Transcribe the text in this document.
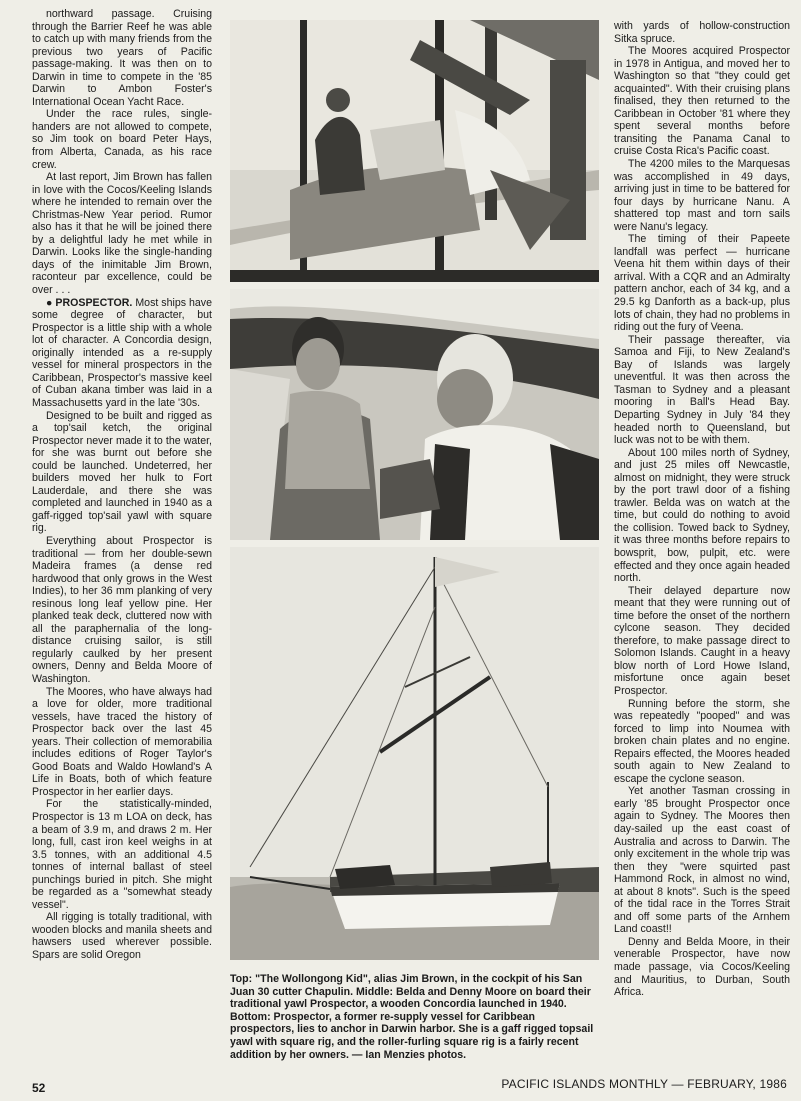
northward passage. Cruising through the Barrier Reef he was able to catch up with many friends from the previous two years of Pacific passage-making. It was then on to Darwin in time to compete in the '85 Darwin to Ambon Foster's International Ocean Yacht Race.

Under the race rules, single-handers are not allowed to compete, so Jim took on board Peter Hays, from Alberta, Canada, as his race crew.

At last report, Jim Brown has fallen in love with the Cocos/Keeling Islands where he intended to remain over the Christmas-New Year period. Rumor also has it that he will be joined there by a delightful lady he met while in Darwin. Looks like the single-handing days of the inimitable Jim Brown, raconteur par excellence, could be over . . .

● PROSPECTOR. Most ships have some degree of character, but Prospector is a little ship with a whole lot of character. A Concordia design, originally intended as a re-supply vessel for mineral prospectors in the Caribbean, Prospector's massive keel of Cuban akana timber was laid in a Massachusetts yard in the late '30s.

Designed to be built and rigged as a top'sail ketch, the original Prospector never made it to the water, for she was burnt out before she could be launched. Undeterred, her builders moved her hulk to Fort Lauderdale, and there she was completed and launched in 1940 as a gaff-rigged top'sail yawl with square rig.

Everything about Prospector is traditional — from her double-sewn Madeira frames (a dense red hardwood that only grows in the West Indies), to her 36 mm planking of very resinous long leaf yellow pine. Her planked teak deck, cluttered now with all the paraphernalia of the long-distance cruising sailor, is still regularly caulked by her present owners, Denny and Belda Moore of Washington.

The Moores, who have always had a love for older, more traditional vessels, have traced the history of Prospector back over the last 45 years. Their collection of memorabilia includes editions of Roger Taylor's Good Boats and Waldo Howland's A Life in Boats, both of which feature Prospector in her earlier days.

For the statistically-minded, Prospector is 13 m LOA on deck, has a beam of 3.9 m, and draws 2 m. Her long, full, cast iron keel weighs in at 3.5 tonnes, with an additional 4.5 tonnes of internal ballast of steel punchings buried in pitch. She might be regarded as a "somewhat steady vessel".

All rigging is totally traditional, with wooden blocks and manila sheets and hawsers used wherever possible. Spars are solid Oregon

with yards of hollow-construction Sitka spruce.

The Moores acquired Prospector in 1978 in Antigua, and moved her to Washington so that "they could get acquainted". With their cruising plans finalised, they then returned to the Caribbean in October '81 where they spent several months before transiting the Panama Canal to cruise Costa Rica's Pacific coast.

The 4200 miles to the Marquesas was accomplished in 49 days, arriving just in time to be battered for four days by hurricane Nanu. A shattered top mast and torn sails were Nanu's legacy.

The timing of their Papeete landfall was perfect — hurricane Veena hit them within days of their arrival. With a CQR and an Admiralty pattern anchor, each of 34 kg, and a 29.5 kg Danforth as a back-up, plus lots of chain, they had no problems in riding out the fury of Veena.

Their passage thereafter, via Samoa and Fiji, to New Zealand's Bay of Islands was largely uneventful. It was then across the Tasman to Sydney and a pleasant mooring in Ball's Head Bay. Departing Sydney in July '84 they headed north to Queensland, but luck was not to be with them.

About 100 miles north of Sydney, and just 25 miles off Newcastle, almost on midnight, they were struck by the port trawl door of a fishing trawler. Belda was on watch at the time, but could do nothing to avoid the collision. Towed back to Sydney, it was three months before repairs to bowsprit, bow, pulpit, etc. were effected and they once again headed north.

Their delayed departure now meant that they were running out of time before the onset of the northern cylcone season. They decided therefore, to make passage direct to Solomon Islands. Caught in a heavy blow north of Lord Howe Island, misfortune once again beset Prospector.

Running before the storm, she was repeatedly "pooped" and was forced to limp into Noumea with broken chain plates and no engine. Repairs effected, the Moores headed south again to New Zealand to escape the cyclone season.

Yet another Tasman crossing in early '85 brought Prospector once again to Sydney. The Moores then day-sailed up the east coast of Australia and across to Darwin. The only excitement in the whole trip was then they "were squirted past Hammond Rock, in almost no wind, at about 8 knots". Such is the speed of the tidal race in the Torres Strait and off some parts of the Arnhem Land coast!!

Denny and Belda Moore, in their venerable Prospector, have now made passage, via Cocos/Keeling and Mauritius, to Durban, South Africa.

Top: "The Wollongong Kid", alias Jim Brown, in the cockpit of his San Juan 30 cutter Chapulin. Middle: Belda and Denny Moore on board their traditional yawl Prospector, a wooden Concordia launched in 1940. Bottom: Prospector, a former re-supply vessel for Caribbean prospectors, lies to anchor in Darwin harbor. She is a gaff rigged topsail yawl with square rig, and the roller-furling square rig is a fairly recent addition by her owners. — Ian Menzies photos.
52	PACIFIC ISLANDS MONTHLY — FEBRUARY, 1986
